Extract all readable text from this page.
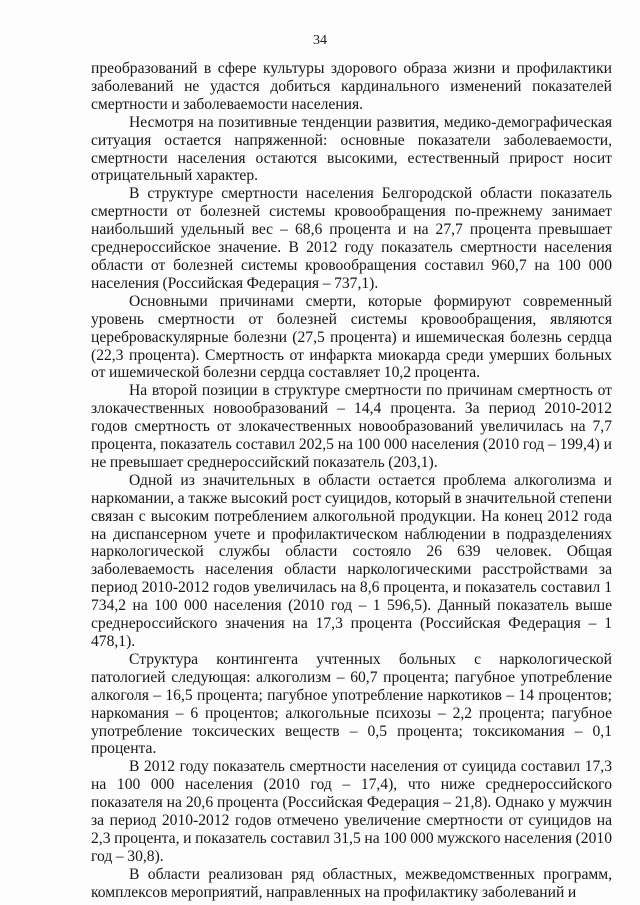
34

преобразований в сфере культуры здорового образа жизни и профилактики заболеваний не удастся добиться кардинального изменений показателей смертности и заболеваемости населения.

Несмотря на позитивные тенденции развития, медико-демографическая ситуация остается напряженной: основные показатели заболеваемости, смертности населения остаются высокими, естественный прирост носит отрицательный характер.

В структуре смертности населения Белгородской области показатель смертности от болезней системы кровообращения по-прежнему занимает наибольший удельный вес – 68,6 процента и на 27,7 процента превышает среднероссийское значение. В 2012 году показатель смертности населения области от болезней системы кровообращения составил 960,7 на 100 000 населения (Российская Федерация – 737,1).

Основными причинами смерти, которые формируют современный уровень смертности от болезней системы кровообращения, являются цереброваскулярные болезни (27,5 процента) и ишемическая болезнь сердца (22,3 процента). Смертность от инфаркта миокарда среди умерших больных от ишемической болезни сердца составляет 10,2 процента.

На второй позиции в структуре смертности по причинам смертность от злокачественных новообразований – 14,4 процента. За период 2010-2012 годов смертность от злокачественных новообразований увеличилась на 7,7 процента, показатель составил 202,5 на 100 000 населения (2010 год – 199,4) и не превышает среднероссийский показатель (203,1).

Одной из значительных в области остается проблема алкоголизма и наркомании, а также высокий рост суицидов, который в значительной степени связан с высоким потреблением алкогольной продукции. На конец 2012 года на диспансерном учете и профилактическом наблюдении в подразделениях наркологической службы области состояло 26 639 человек. Общая заболеваемость населения области наркологическими расстройствами за период 2010-2012 годов увеличилась на 8,6 процента, и показатель составил 1 734,2 на 100 000 населения (2010 год – 1 596,5). Данный показатель выше среднероссийского значения на 17,3 процента (Российская Федерация – 1 478,1).

Структура контингента учтенных больных с наркологической патологией следующая: алкоголизм – 60,7 процента; пагубное употребление алкоголя – 16,5 процента; пагубное употребление наркотиков – 14 процентов; наркомания – 6 процентов; алкогольные психозы – 2,2 процента; пагубное употребление токсических веществ – 0,5 процента; токсикомания – 0,1 процента.

В 2012 году показатель смертности населения от суицида составил 17,3 на 100 000 населения (2010 год – 17,4), что ниже среднероссийского показателя на 20,6 процента (Российская Федерация – 21,8). Однако у мужчин за период 2010-2012 годов отмечено увеличение смертности от суицидов на 2,3 процента, и показатель составил 31,5 на 100 000 мужского населения (2010 год – 30,8).

В области реализован ряд областных, межведомственных программ, комплексов мероприятий, направленных на профилактику заболеваний и
